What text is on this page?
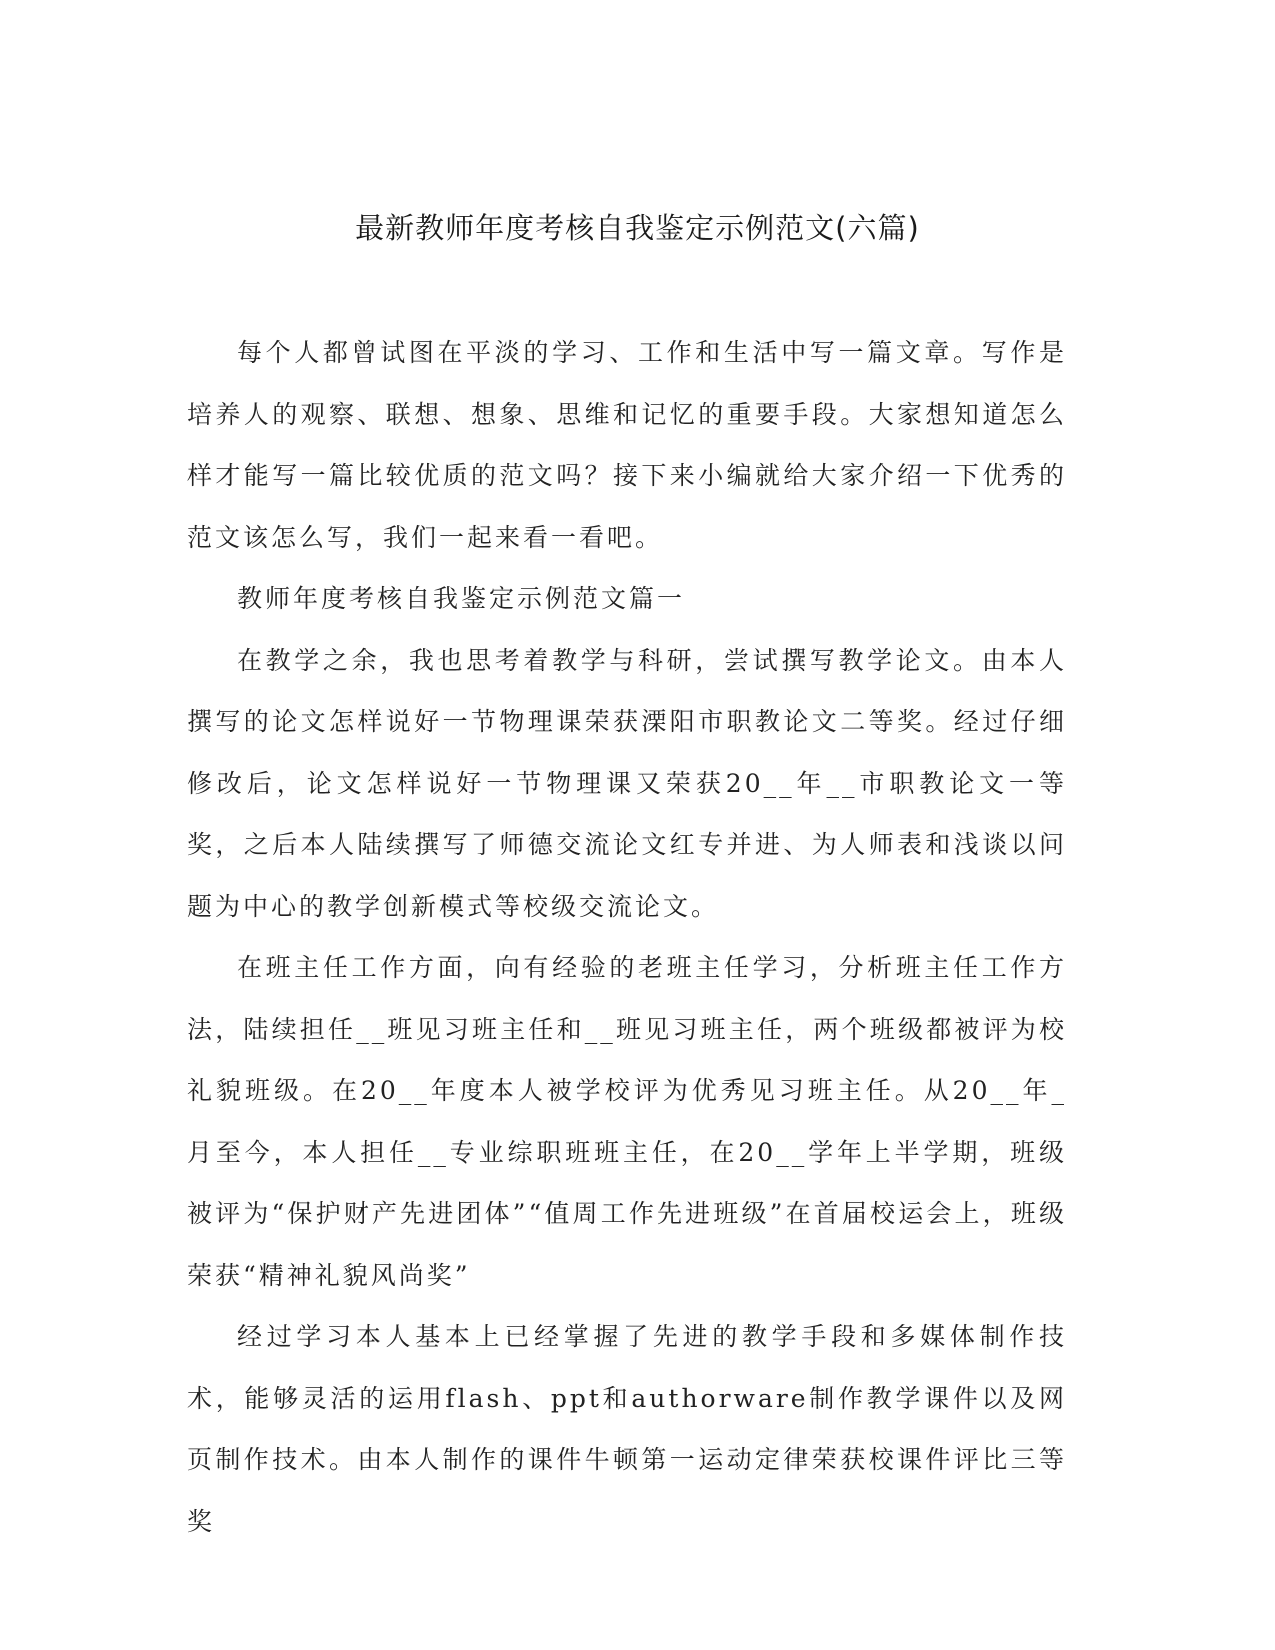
最新教师年度考核自我鉴定示例范文(六篇)

每个人都曾试图在平淡的学习、工作和生活中写一篇文章。写作是培养人的观察、联想、想象、思维和记忆的重要手段。大家想知道怎么样才能写一篇比较优质的范文吗？接下来小编就给大家介绍一下优秀的范文该怎么写，我们一起来看一看吧。

教师年度考核自我鉴定示例范文篇一

在教学之余，我也思考着教学与科研，尝试撰写教学论文。由本人撰写的论文怎样说好一节物理课荣获溧阳市职教论文二等奖。经过仔细修改后，论文怎样说好一节物理课又荣获20__年__市职教论文一等奖，之后本人陆续撰写了师德交流论文红专并进、为人师表和浅谈以问题为中心的教学创新模式等校级交流论文。

在班主任工作方面，向有经验的老班主任学习，分析班主任工作方法，陆续担任__班见习班主任和__班见习班主任，两个班级都被评为校礼貌班级。在20__年度本人被学校评为优秀见习班主任。从20__年_月至今，本人担任__专业综职班班主任，在20__学年上半学期，班级被评为“保护财产先进团体”“值周工作先进班级”在首届校运会上，班级荣获“精神礼貌风尚奖”

经过学习本人基本上已经掌握了先进的教学手段和多媒体制作技术，能够灵活的运用flash、ppt和authorware制作教学课件以及网页制作技术。由本人制作的课件牛顿第一运动定律荣获校课件评比三等奖
